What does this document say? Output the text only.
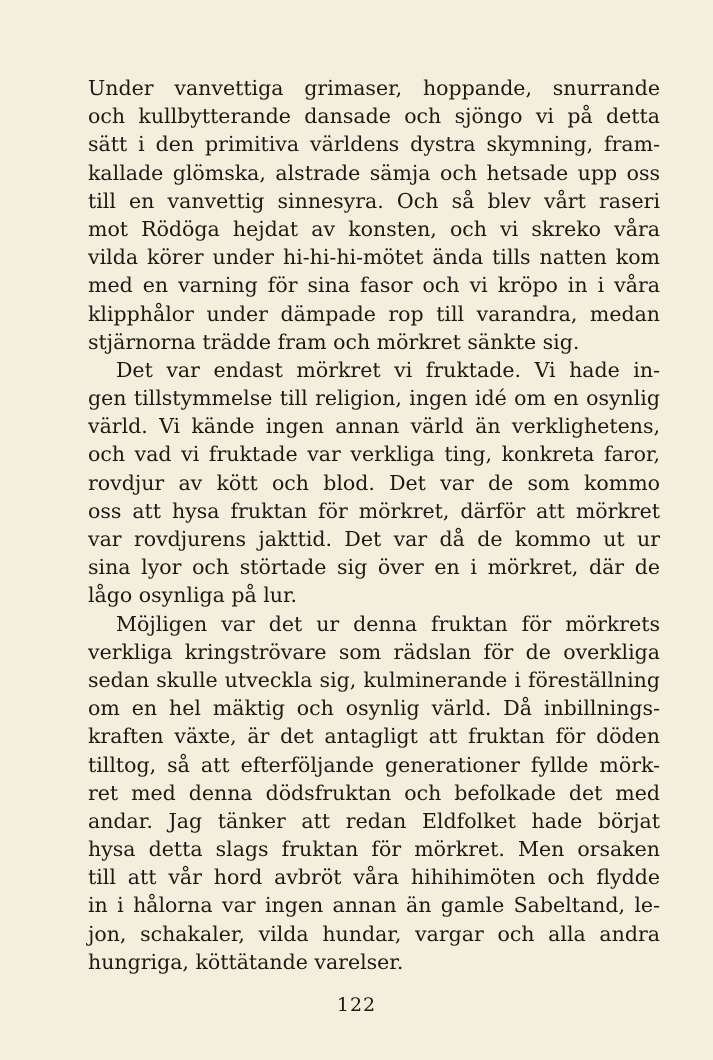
Under vanvettiga grimaser, hoppande, snurrande
och kullbytterande dansade och sjöngo vi på detta
sätt i den primitiva världens dystra skymning, fram-
kallade glömska, alstrade sämja och hetsade upp oss
till en vanvettig sinnesyra. Och så blev vårt raseri
mot Rödöga hejdat av konsten, och vi skreko våra
vilda körer under hi-hi-hi-mötet ända tills natten kom
med en varning för sina fasor och vi kröpo in i våra
klipphålor under dämpade rop till varandra, medan
stjärnorna trädde fram och mörkret sänkte sig.
Det var endast mörkret vi fruktade. Vi hade in-
gen tillstymmelse till religion, ingen idé om en osynlig
värld. Vi kände ingen annan värld än verklighetens,
och vad vi fruktade var verkliga ting, konkreta faror,
rovdjur av kött och blod. Det var de som kommo
oss att hysa fruktan för mörkret, därför att mörkret
var rovdjurens jakttid. Det var då de kommo ut ur
sina lyor och störtade sig över en i mörkret, där de
lågo osynliga på lur.
Möjligen var det ur denna fruktan för mörkrets
verkliga kringströvare som rädslan för de overkliga
sedan skulle utveckla sig, kulminerande i föreställning
om en hel mäktig och osynlig värld. Då inbillnings-
kraften växte, är det antagligt att fruktan för döden
tilltog, så att efterföljande generationer fyllde mörk-
ret med denna dödsfruktan och befolkade det med
andar. Jag tänker att redan Eldfolket hade börjat
hysa detta slags fruktan för mörkret. Men orsaken
till att vår hord avbröt våra hihihimöten och flydde
in i hålorna var ingen annan än gamle Sabeltand, le-
jon, schakaler, vilda hundar, vargar och alla andra
hungriga, köttätande varelser.
122
